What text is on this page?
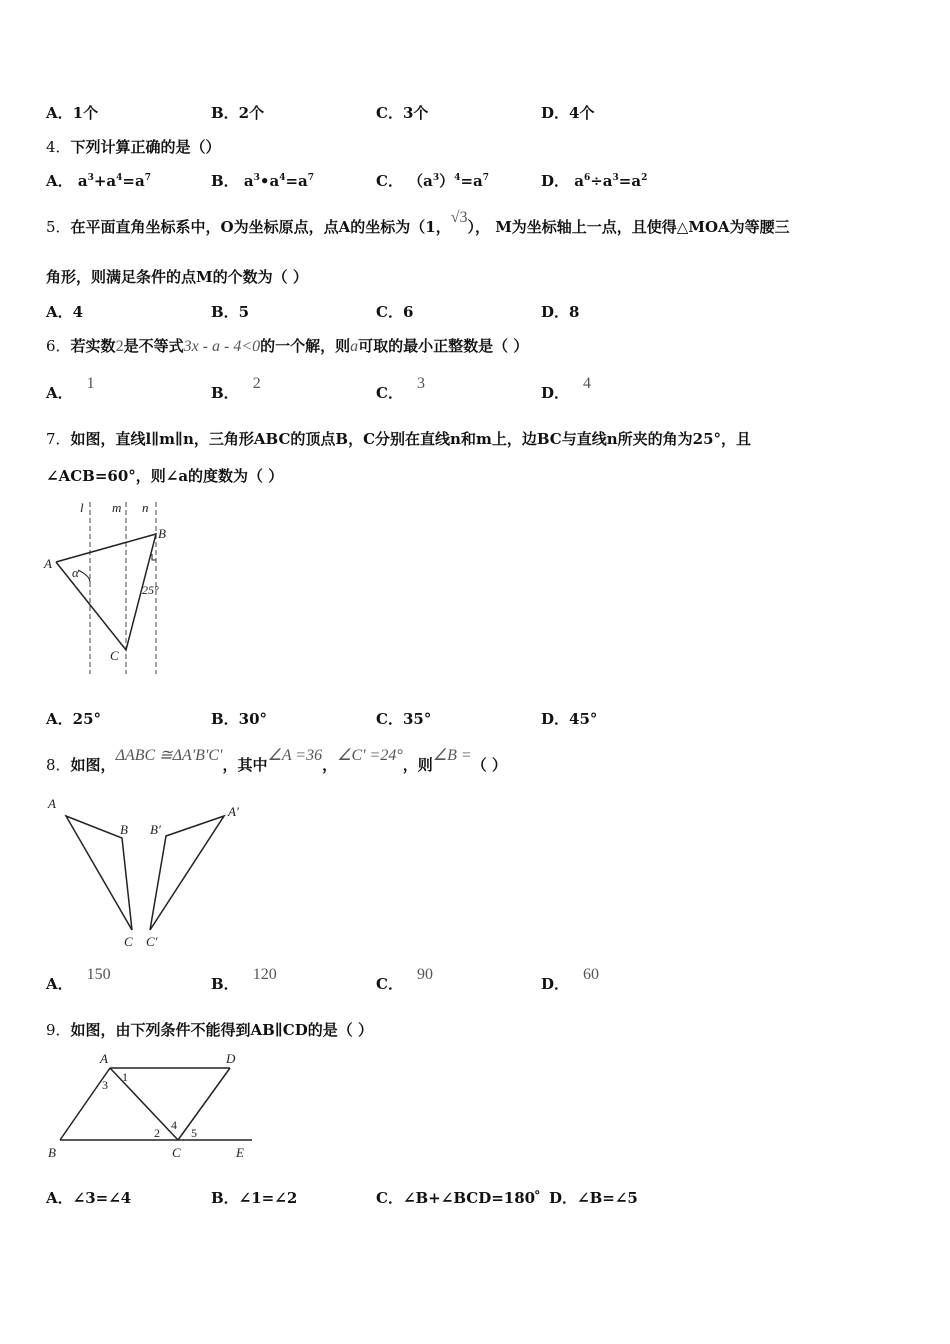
A．1个	B．2个	C．3个	D．4个
4．下列计算正确的是（）
A． $a^3+a^4=a^7$	B． $a^3•a^4=a^7$	C． $(a^3)^4=a^7$	D． $a^6\div a^3=a^2$
5．在平面直角坐标系中，O为坐标原点，点A的坐标为（1，√3）， M为坐标轴上一点，且使得△MOA为等腰三
角形，则满足条件的点M的个数为（ ）
A．4	B．5	C．6	D．8
6．若实数2是不等式3x - a - 4<0的一个解，则a可取的最小正整数是（ ）
A．1
B．2
C．3
D．4
7．如图，直线l∥m∥n，三角形ABC的顶点B，C分别在直线n和m上，边BC与直线n所夹的角为25°，且
∠ACB=60°，则∠a的度数为（ ）
l m n
A
B
C
α
25°
A．25°	B．30°	C．35°	D．45°
8．如图，ΔABC ≅ΔA'B'C'，其中∠A =36，∠C' =24°，则∠B =（ ）
A
B
C
A′
B′
C′
A．150
B．120
C．90
D．60
9．如图，由下列条件不能得到AB∥CD的是（ ）
A	D
B	C	E
1
2
3
4
5
A．∠3=∠4	B．∠1=∠2	C．∠B+∠BCD=180゜
D．∠B=∠5
